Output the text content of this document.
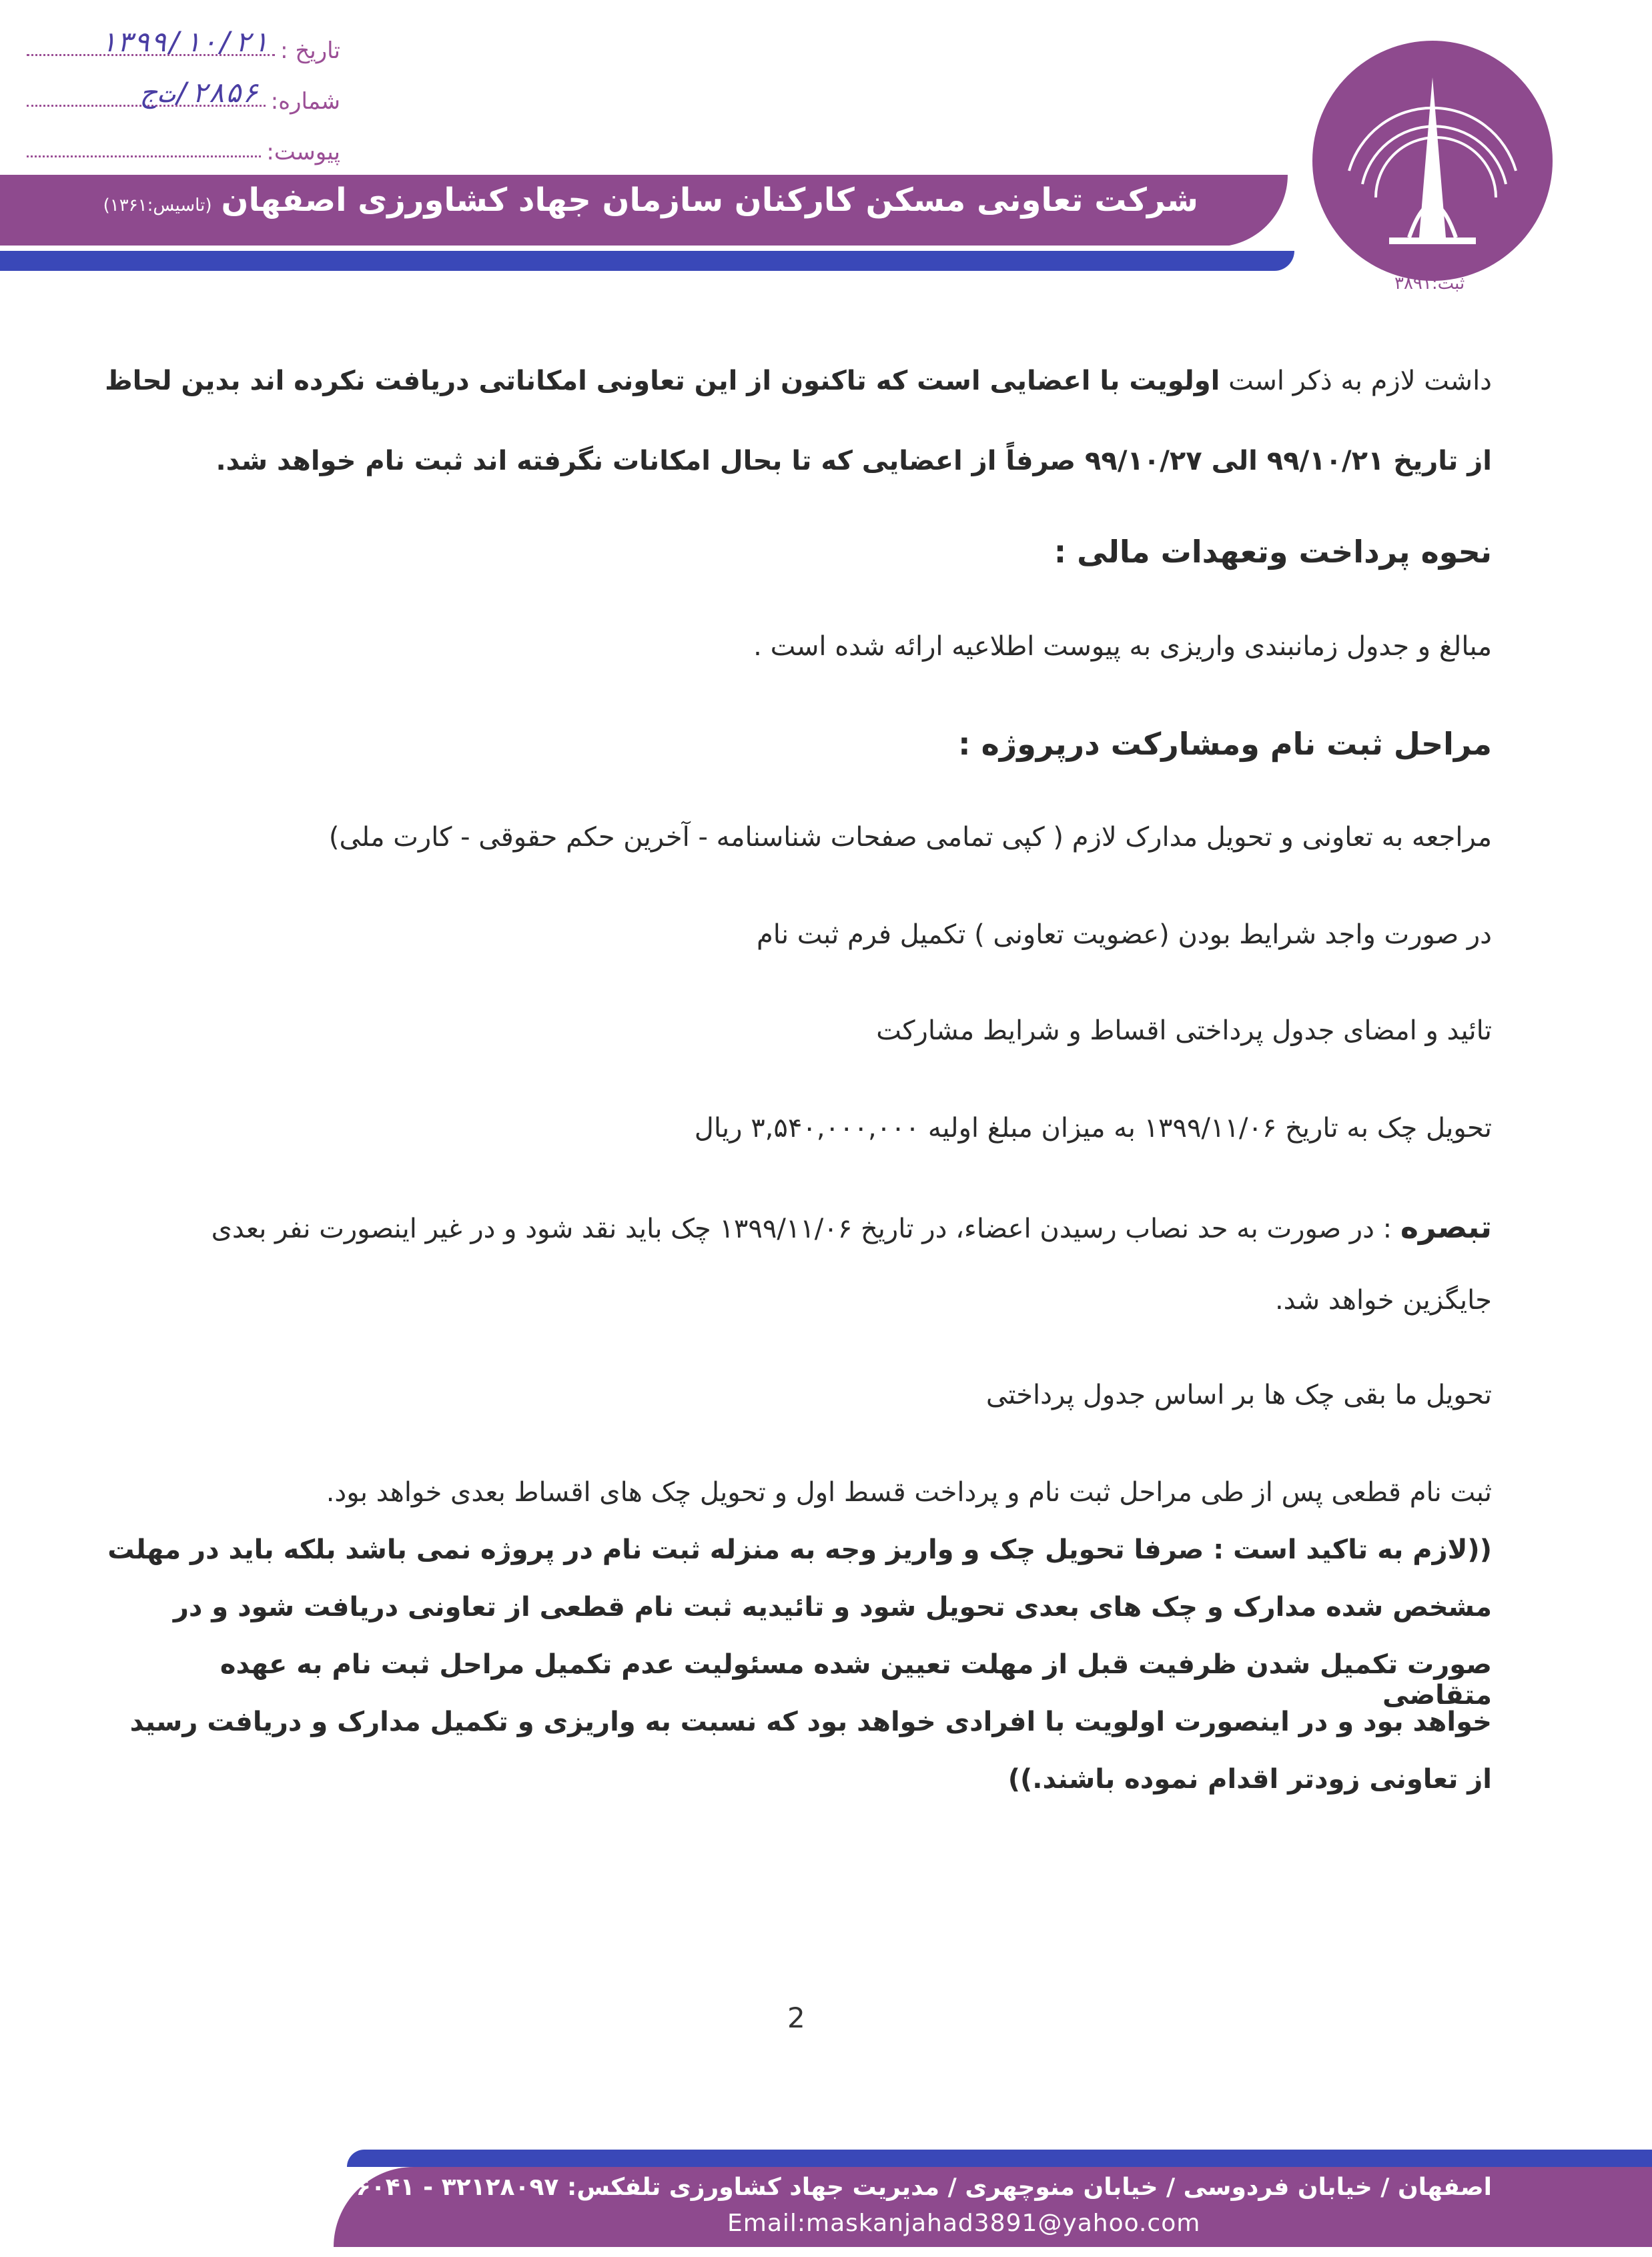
تاریخ :
۱۳۹۹/۱۰/۲۱
شماره:
۲۸۵۶/ت‌ج
پیوست:
شرکت تعاونی مسکن کارکنان سازمان جهاد کشاورزی اصفهان(تاسیس:۱۳۶۱)
ثبت:۳۸۹۱
داشت لازم به ذکر است اولویت با اعضایی است که تاکنون از این تعاونی امکاناتی دریافت نکرده اند بدین لحاظ
از تاریخ ۹۹/۱۰/۲۱ الی ۹۹/۱۰/۲۷ صرفاً از اعضایی که تا بحال امکانات نگرفته اند ثبت نام خواهد شد.
نحوه پرداخت وتعهدات مالی :
مبالغ و جدول زمانبندی واریزی به پیوست اطلاعیه ارائه شده است .
مراحل ثبت نام ومشارکت درپروژه :
مراجعه به تعاونی و تحویل مدارک لازم ( کپی تمامی صفحات شناسنامه - آخرین حکم حقوقی - کارت ملی)
در صورت واجد شرایط بودن (عضویت تعاونی ) تکمیل فرم ثبت نام
تائید و امضای جدول پرداختی اقساط و شرایط مشارکت
تحویل چک به تاریخ ۱۳۹۹/۱۱/۰۶ به میزان مبلغ اولیه ۳,۵۴۰,۰۰۰,۰۰۰ ریال
تبصره : در صورت به حد نصاب رسیدن اعضاء، در تاریخ ۱۳۹۹/۱۱/۰۶ چک باید نقد شود و در غیر اینصورت نفر بعدی
جایگزین خواهد شد.
تحویل ما بقی چک ها بر اساس جدول پرداختی
ثبت نام قطعی پس از طی مراحل ثبت نام و پرداخت قسط اول و تحویل چک های اقساط بعدی خواهد بود.
((لازم به تاکید است : صرفا تحویل چک و واریز وجه به منزله ثبت نام در پروژه نمی باشد بلکه باید در مهلت
مشخص شده مدارک و چک های بعدی تحویل شود و تائیدیه ثبت نام قطعی از تعاونی دریافت شود و در
صورت تکمیل شدن ظرفیت قبل از مهلت تعیین شده مسئولیت عدم تکمیل مراحل ثبت نام به عهده متقاضی
خواهد بود و در اینصورت اولویت با افرادی خواهد بود که نسبت به واریزی و تکمیل مدارک و دریافت رسید
از تعاونی زودتر اقدام نموده باشند.))
2
اصفهان / خیابان فردوسی / خیابان منوچهری / مدیریت جهاد کشاورزی تلفکس: ۳۲۱۲۸۰۹۷ - ۳۲۲۲۶۰۴۱ (۰۳۱)
Email:maskanjahad3891@yahoo.com
